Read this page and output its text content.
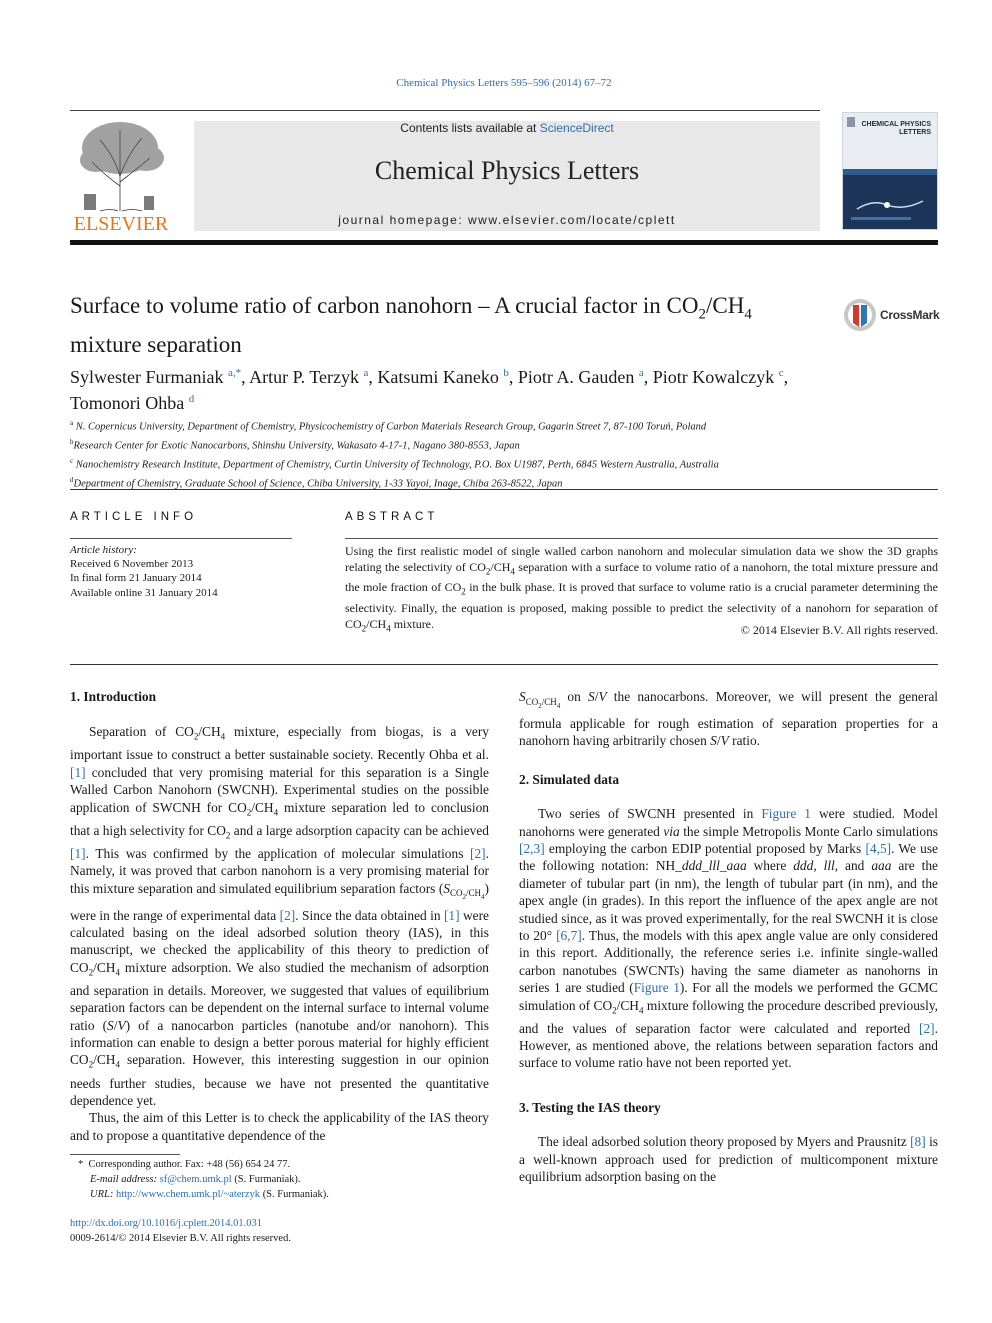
Chemical Physics Letters 595–596 (2014) 67–72
ELSEVIER
Contents lists available at ScienceDirect
Chemical Physics Letters
journal homepage: www.elsevier.com/locate/cplett
CHEMICAL PHYSICS LETTERS
Surface to volume ratio of carbon nanohorn – A crucial factor in $CO_2/CH_4$
mixture separation
CrossMark
Sylwester Furmaniak $^{a,*}$, Artur P. Terzyk $^a$, Katsumi Kaneko $^b$, Piotr A. Gauden $^a$, Piotr Kowalczyk $^c$,
Tomonori Ohba $^d$
$^a$ N. Copernicus University, Department of Chemistry, Physicochemistry of Carbon Materials Research Group, Gagarin Street 7, 87-100 Toruń, Poland
$^b$Research Center for Exotic Nanocarbons, Shinshu University, Wakasato 4-17-1, Nagano 380-8553, Japan
$^c$ Nanochemistry Research Institute, Department of Chemistry, Curtin University of Technology, P.O. Box U1987, Perth, 6845 Western Australia, Australia
$^d$Department of Chemistry, Graduate School of Science, Chiba University, 1-33 Yayoi, Inage, Chiba 263-8522, Japan
ARTICLE INFO	ABSTRACT
Article history:
Received 6 November 2013
In final form 21 January 2014
Available online 31 January 2014
Using the first realistic model of single walled carbon nanohorn and molecular simulation data we show the 3D graphs relating the selectivity of $CO_2/CH_4$ separation with a surface to volume ratio of a nanohorn, the total mixture pressure and the mole fraction of $CO_2$ in the bulk phase. It is proved that surface to volume ratio is a crucial parameter determining the selectivity. Finally, the equation is proposed, making possible to predict the selectivity of a nanohorn for separation of $CO_2/CH_4$ mixture.	© 2014 Elsevier B.V. All rights reserved.

1. Introduction

Separation of $CO_2/CH_4$ mixture, especially from biogas, is a very important issue to construct a better sustainable society. Recently Ohba et al. [1] concluded that very promising material for this separation is a Single Walled Carbon Nanohorn (SWCNH). Experimental studies on the possible application of SWCNH for $CO_2/CH_4$ mixture separation led to conclusion that a high selectivity for $CO_2$ and a large adsorption capacity can be achieved [1]. This was confirmed by the application of molecular simulations [2]. Namely, it was proved that carbon nanohorn is a very promising material for this mixture separation and simulated equilibrium separation factors $(S_{CO_2/CH_4})$ were in the range of experimental data [2]. Since the data obtained in [1] were calculated basing on the ideal adsorbed solution theory (IAS), in this manuscript, we checked the applicability of this theory to prediction of $CO_2/CH_4$ mixture adsorption. We also studied the mechanism of adsorption and separation in details. Moreover, we suggested that values of equilibrium separation factors can be dependent on the internal surface to internal volume ratio (S/V) of a nanocarbon particles (nanotube and/or nanohorn). This information can enable to design a better porous material for highly efficient $CO_2/CH_4$ separation. However, this interesting suggestion in our opinion needs further studies, because we have not presented the quantitative dependence yet.

Thus, the aim of this Letter is to check the applicability of the IAS theory and to propose a quantitative dependence of the

* Corresponding author. Fax: +48 (56) 654 24 77.
E-mail address: sf@chem.umk.pl (S. Furmaniak).
URL: http://www.chem.umk.pl/~aterzyk (S. Furmaniak).
http://dx.doi.org/10.1016/j.cplett.2014.01.031
0009-2614/© 2014 Elsevier B.V. All rights reserved.

$S_{CO_2/CH_4}$ on S/V the nanocarbons. Moreover, we will present the general formula applicable for rough estimation of separation properties for a nanohorn having arbitrarily chosen S/V ratio.

2. Simulated data

Two series of SWCNH presented in Figure 1 were studied. Model nanohorns were generated via the simple Metropolis Monte Carlo simulations [2,3] employing the carbon EDIP potential proposed by Marks [4,5]. We use the following notation: NH_ddd_lll_aaa where ddd, lll, and aaa are the diameter of tubular part (in nm), the length of tubular part (in nm), and the apex angle (in grades). In this report the influence of the apex angle are not studied since, as it was proved experimentally, for the real SWCNH it is close to 20° [6,7]. Thus, the models with this apex angle value are only considered in this report. Additionally, the reference series i.e. infinite single-walled carbon nanotubes (SWCNTs) having the same diameter as nanohorns in series 1 are studied (Figure 1). For all the models we performed the GCMC simulation of $CO_2/CH_4$ mixture following the procedure described previously, and the values of separation factor were calculated and reported [2]. However, as mentioned above, the relations between separation factors and surface to volume ratio have not been reported yet.

3. Testing the IAS theory

The ideal adsorbed solution theory proposed by Myers and Prausnitz [8] is a well-known approach used for prediction of multicomponent mixture equilibrium adsorption basing on the
